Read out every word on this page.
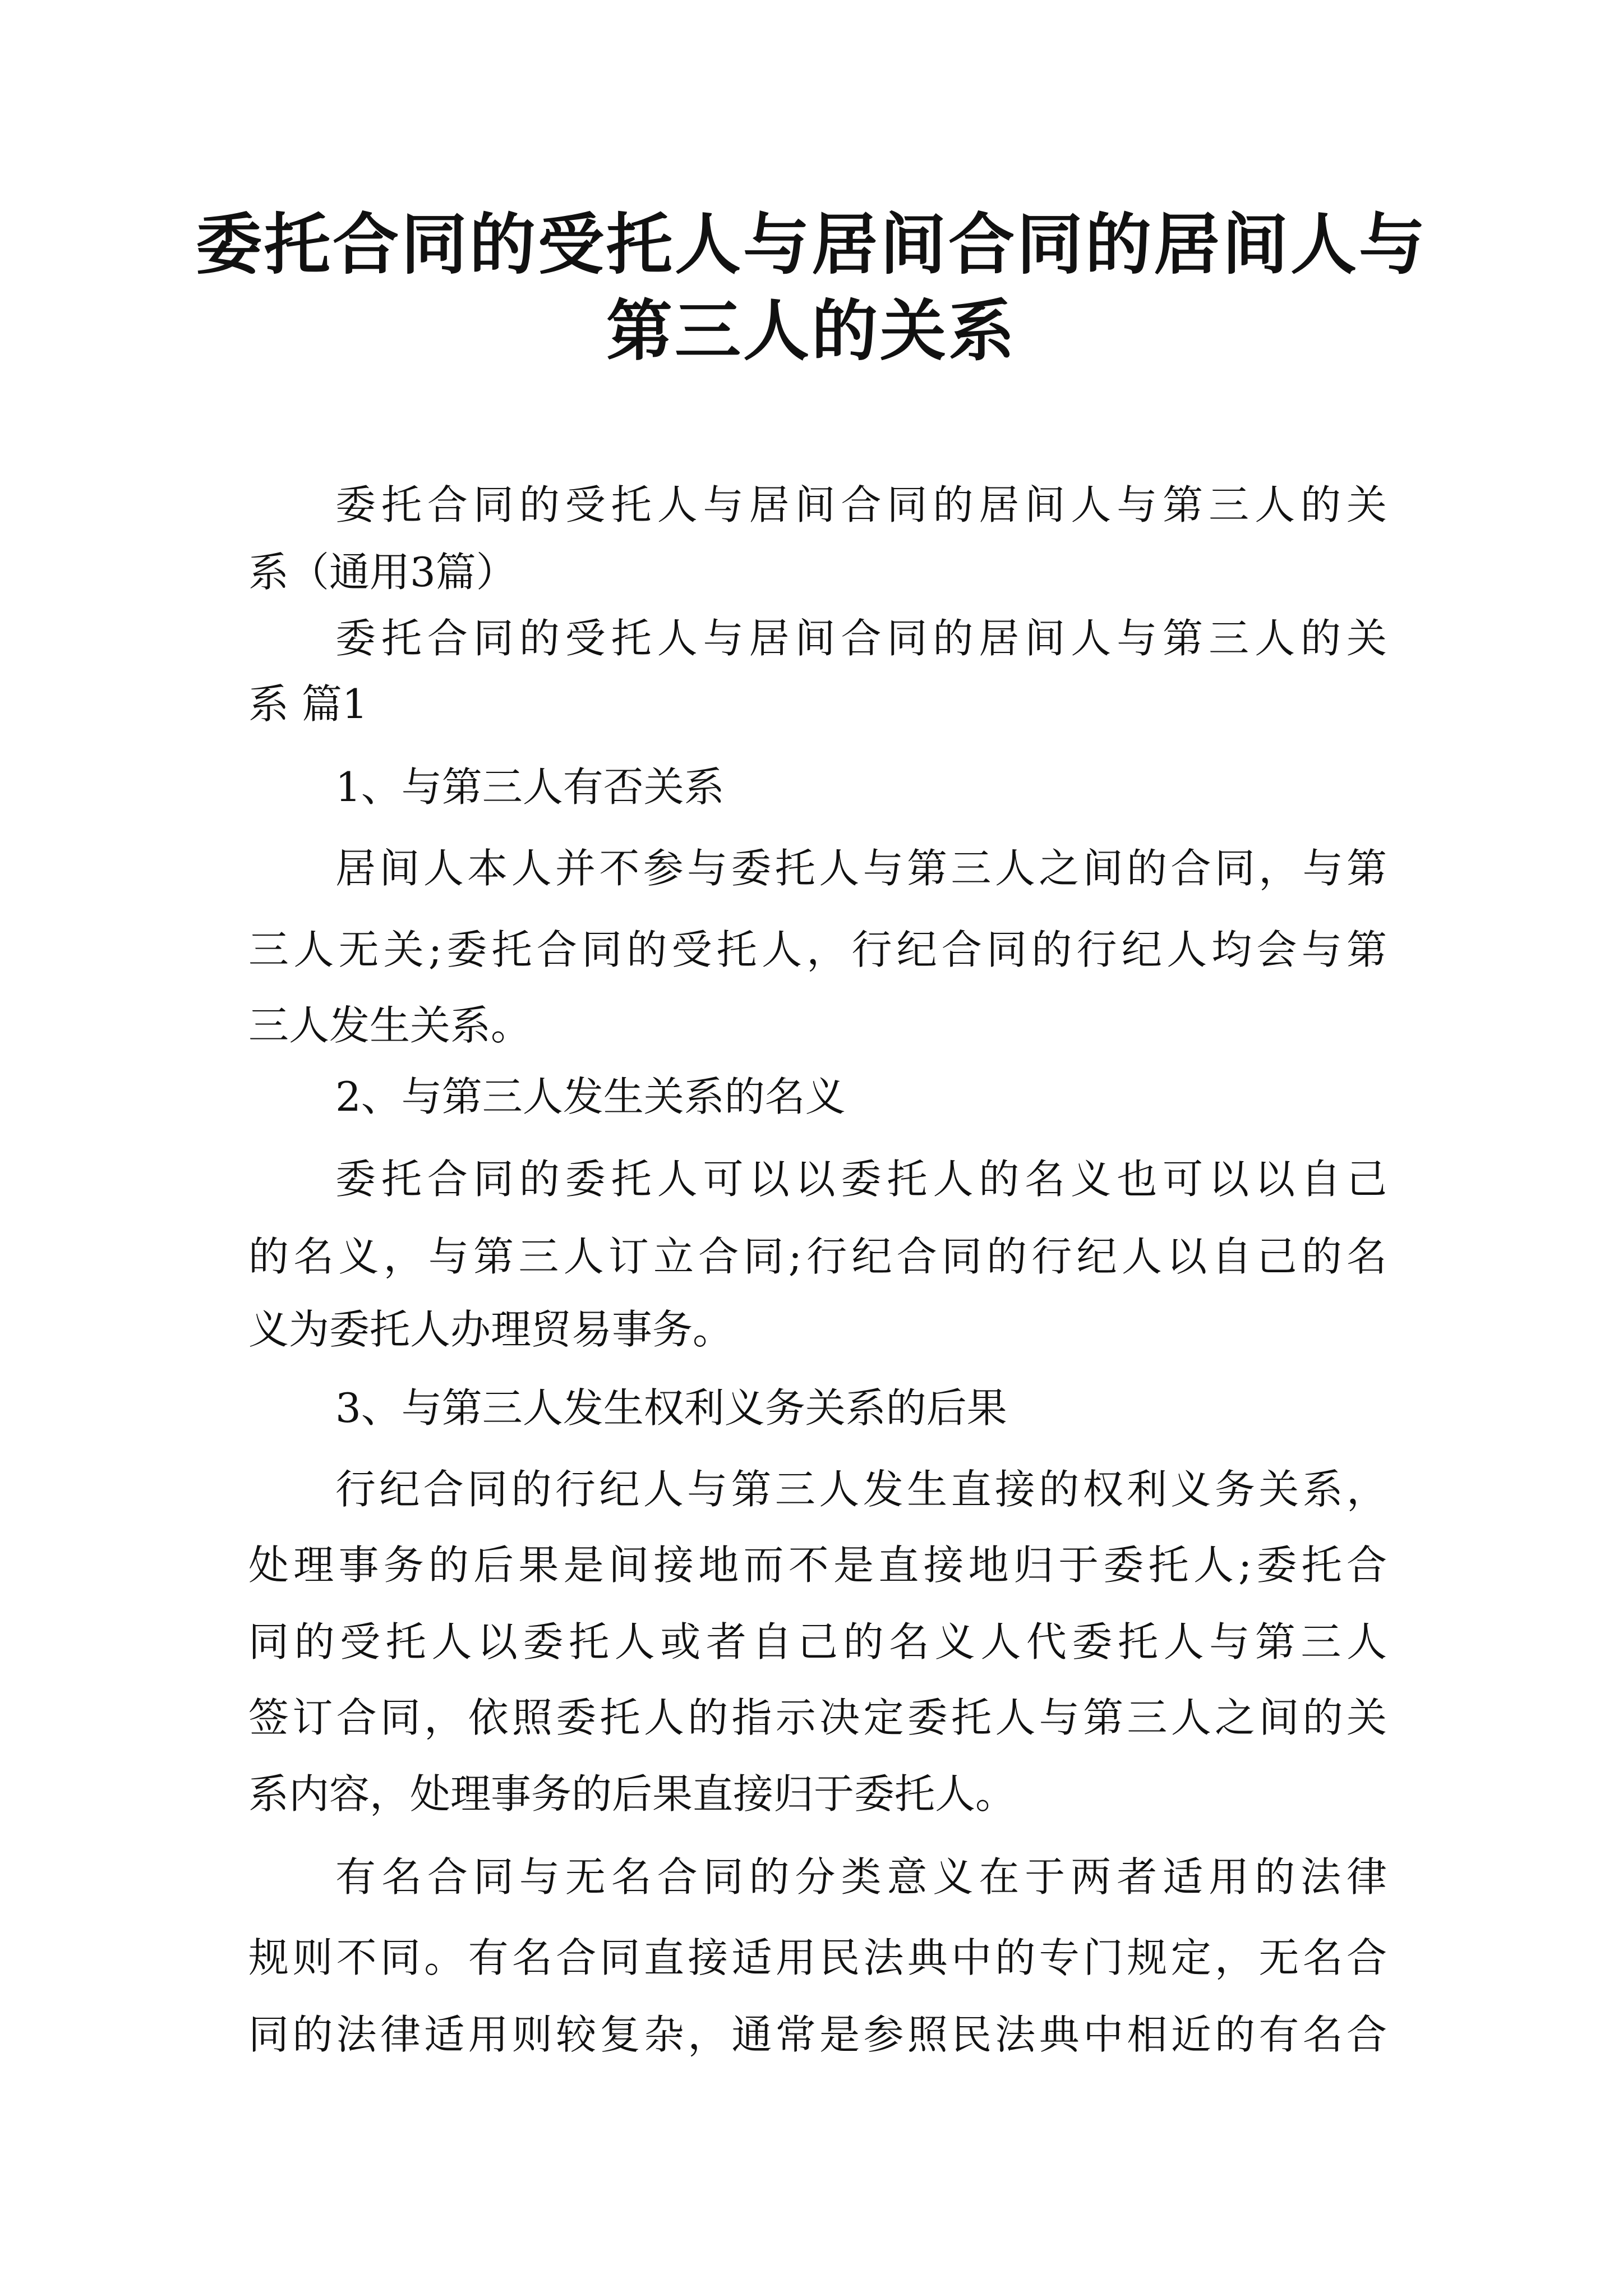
委托合同的受托人与居间合同的居间人与
第三人的关系
委托合同的受托人与居间合同的居间人与第三人的关
系（通用3篇）
委托合同的受托人与居间合同的居间人与第三人的关
系 篇1
1、与第三人有否关系
居间人本人并不参与委托人与第三人之间的合同，与第
三人无关;委托合同的受托人，行纪合同的行纪人均会与第
三人发生关系。
2、与第三人发生关系的名义
委托合同的委托人可以以委托人的名义也可以以自己
的名义，与第三人订立合同;行纪合同的行纪人以自己的名
义为委托人办理贸易事务。
3、与第三人发生权利义务关系的后果
行纪合同的行纪人与第三人发生直接的权利义务关系，
处理事务的后果是间接地而不是直接地归于委托人;委托合
同的受托人以委托人或者自己的名义人代委托人与第三人
签订合同，依照委托人的指示决定委托人与第三人之间的关
系内容，处理事务的后果直接归于委托人。
有名合同与无名合同的分类意义在于两者适用的法律
规则不同。有名合同直接适用民法典中的专门规定，无名合
同的法律适用则较复杂，通常是参照民法典中相近的有名合
